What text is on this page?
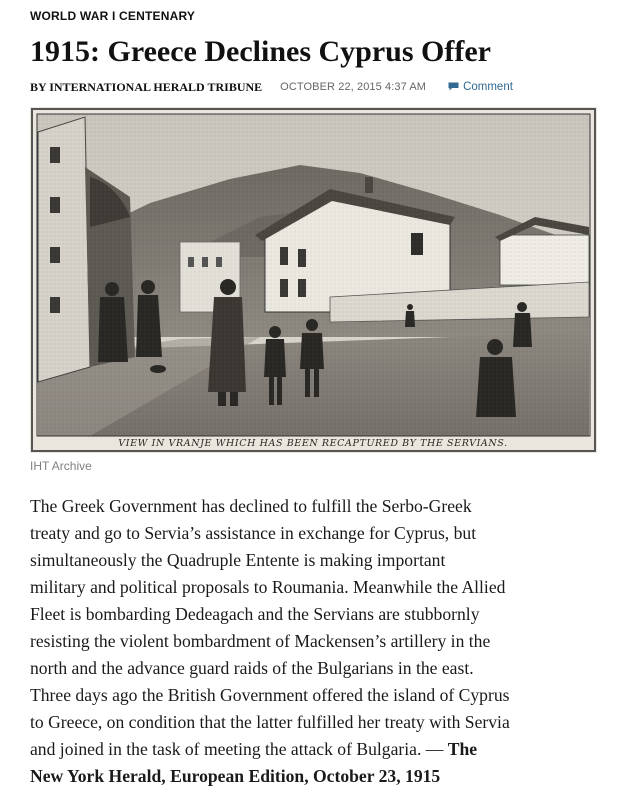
WORLD WAR I CENTENARY
1915: Greece Declines Cyprus Offer
BY INTERNATIONAL HERALD TRIBUNE OCTOBER 22, 2015 4:37 AM	Comment
VIEW IN VRANJE WHICH HAS BEEN RECAPTURED BY THE SERVIANS.
IHT Archive

The Greek Government has declined to fulfill the Serbo-Greek
treaty and go to Servia’s assistance in exchange for Cyprus, but
simultaneously the Quadruple Entente is making important
military and political proposals to Roumania. Meanwhile the Allied
Fleet is bombarding Dedeagach and the Servians are stubbornly
resisting the violent bombardment of Mackensen’s artillery in the
north and the advance guard raids of the Bulgarians in the east.
Three days ago the British Government offered the island of Cyprus
to Greece, on condition that the latter fulfilled her treaty with Servia
and joined in the task of meeting the attack of Bulgaria. — The
New York Herald, European Edition, October 23, 1915
